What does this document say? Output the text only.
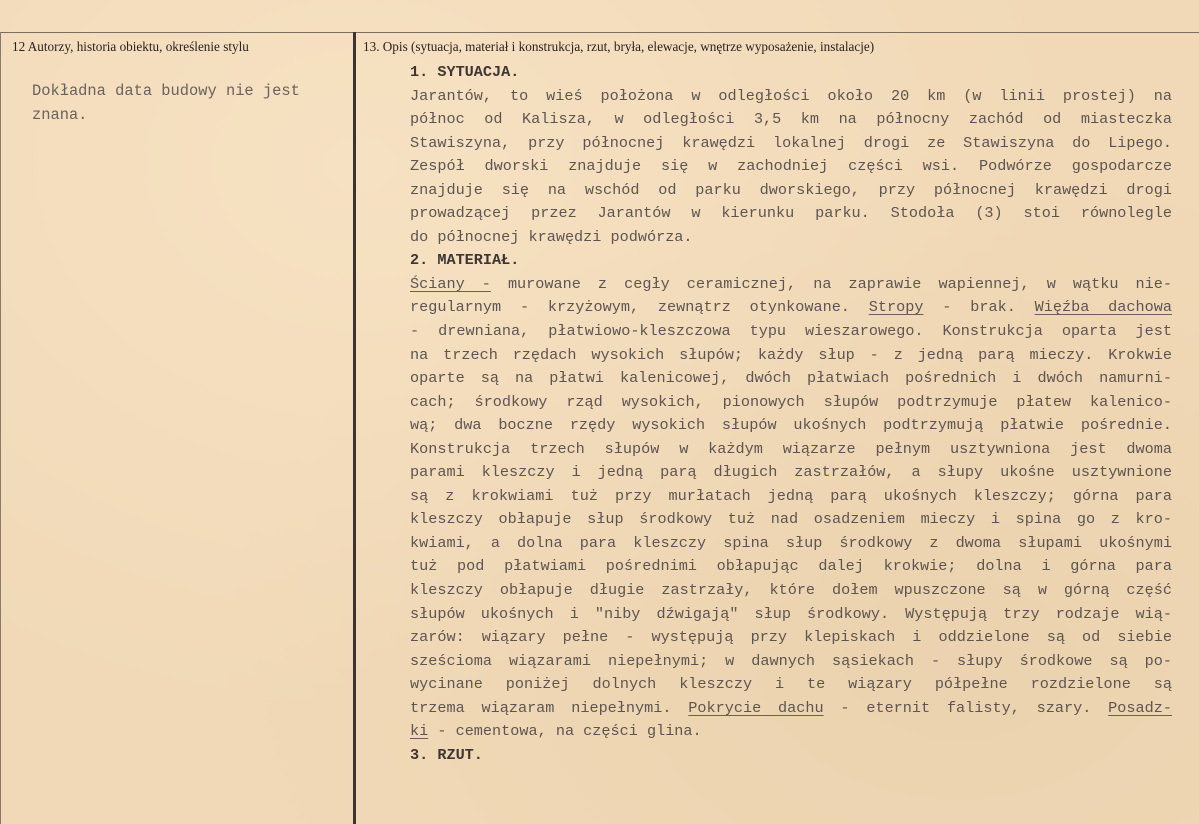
12 Autorzy, historia obiektu, określenie stylu	13. Opis (sytuacja, materiał i konstrukcja, rzut, bryła, elewacje, wnętrze wyposażenie, instalacje)

Dokładna data budowy nie jest

znana.

1. SYTUACJA.
Jarantów, to wieś położona w odległości około 20 km (w linii prostej) na
północ od Kalisza, w odległości 3,5 km na północny zachód od miasteczka
Stawiszyna, przy północnej krawędzi lokalnej drogi ze Stawiszyna do Lipego.
Zespół dworski znajduje się w zachodniej części wsi. Podwórze gospodarcze
znajduje się na wschód od parku dworskiego, przy północnej krawędzi drogi
prowadzącej przez Jarantów w kierunku parku. Stodoła (3) stoi równolegle
do północnej krawędzi podwórza.
2. MATERIAŁ.
Ściany - murowane z cegły ceramicznej, na zaprawie wapiennej, w wątku nie-
regularnym - krzyżowym, zewnątrz otynkowane. Stropy - brak. Więźba dachowa
- drewniana, płatwiowo-kleszczowa typu wieszarowego. Konstrukcja oparta jest
na trzech rzędach wysokich słupów; każdy słup - z jedną parą mieczy. Krokwie
oparte są na płatwi kalenicowej, dwóch płatwiach pośrednich i dwóch namurni-
cach; środkowy rząd wysokich, pionowych słupów podtrzymuje płatew kalenico-
wą; dwa boczne rzędy wysokich słupów ukośnych podtrzymują płatwie pośrednie.
Konstrukcja trzech słupów w każdym wiązarze pełnym usztywniona jest dwoma
parami kleszczy i jedną parą długich zastrzałów, a słupy ukośne usztywnione
są z krokwiami tuż przy murłatach jedną parą ukośnych kleszczy; górna para
kleszczy obłapuje słup środkowy tuż nad osadzeniem mieczy i spina go z kro-
kwiami, a dolna para kleszczy spina słup środkowy z dwoma słupami ukośnymi
tuż pod płatwiami pośrednimi obłapując dalej krokwie; dolna i górna para
kleszczy obłapuje długie zastrzały, które dołem wpuszczone są w górną część
słupów ukośnych i "niby dźwigają" słup środkowy. Występują trzy rodzaje wią-
zarów: wiązary pełne - występują przy klepiskach i oddzielone są od siebie
sześcioma wiązarami niepełnymi; w dawnych sąsiekach - słupy środkowe są po-
wycinane poniżej dolnych kleszczy i te wiązary półpełne rozdzielone są
trzema wiązaram niepełnymi. Pokrycie dachu - eternit falisty, szary. Posadz-
ki - cementowa, na części glina.
3. RZUT.
